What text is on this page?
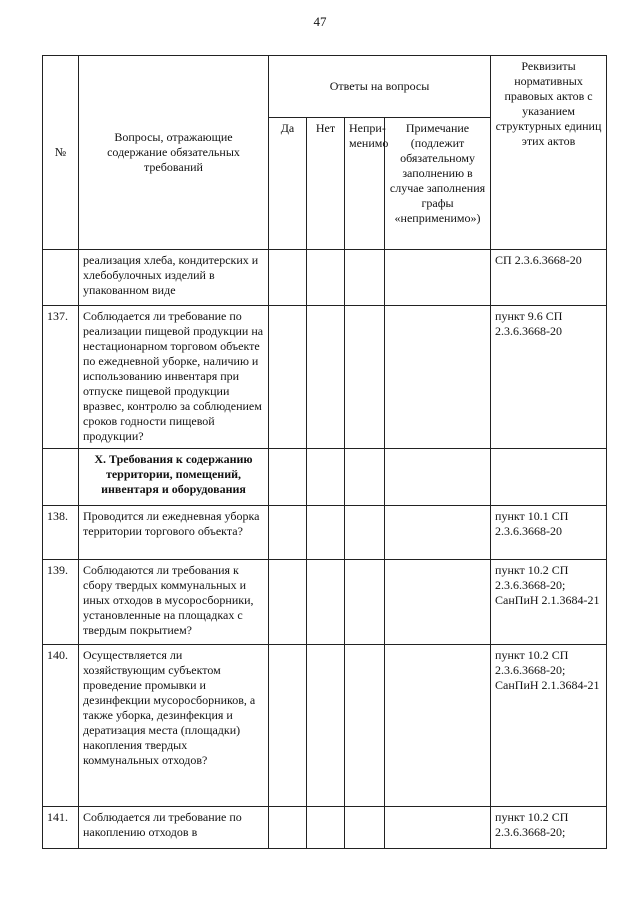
47
№	Вопросы, отражающие содержание обязательных требований	Ответы на вопросы				Реквизиты нормативных правовых актов с указанием структурных единиц этих актов
		Да	Нет	Непри-менимо	Примечание (подлежит обязательному заполнению в случае заполнения графы «неприменимо»)	
	реализация хлеба, кондитерских и хлебобулочных изделий в упакованном виде					СП 2.3.6.3668-20
137.	Соблюдается ли требование по реализации пищевой продукции на нестационарном торговом объекте по ежедневной уборке, наличию и использованию инвентаря при отпуске пищевой продукции вразвес, контролю за соблюдением сроков годности пищевой продукции?					пункт 9.6 СП 2.3.6.3668-20
	X. Требования к содержанию территории, помещений, инвентаря и оборудования					
138.	Проводится ли ежедневная уборка территории торгового объекта?					пункт 10.1 СП 2.3.6.3668-20
139.	Соблюдаются ли требования к сбору твердых коммунальных и иных отходов в мусоросборники, установленные на площадках с твердым покрытием?					пункт 10.2 СП 2.3.6.3668-20; СанПиН 2.1.3684-21
140.	Осуществляется ли хозяйствующим субъектом проведение промывки и дезинфекции мусоросборников, а также уборка, дезинфекция и дератизация места (площадки) накопления твердых коммунальных отходов?					пункт 10.2 СП 2.3.6.3668-20; СанПиН 2.1.3684-21
141.	Соблюдается ли требование по накоплению отходов в					пункт 10.2 СП 2.3.6.3668-20;
